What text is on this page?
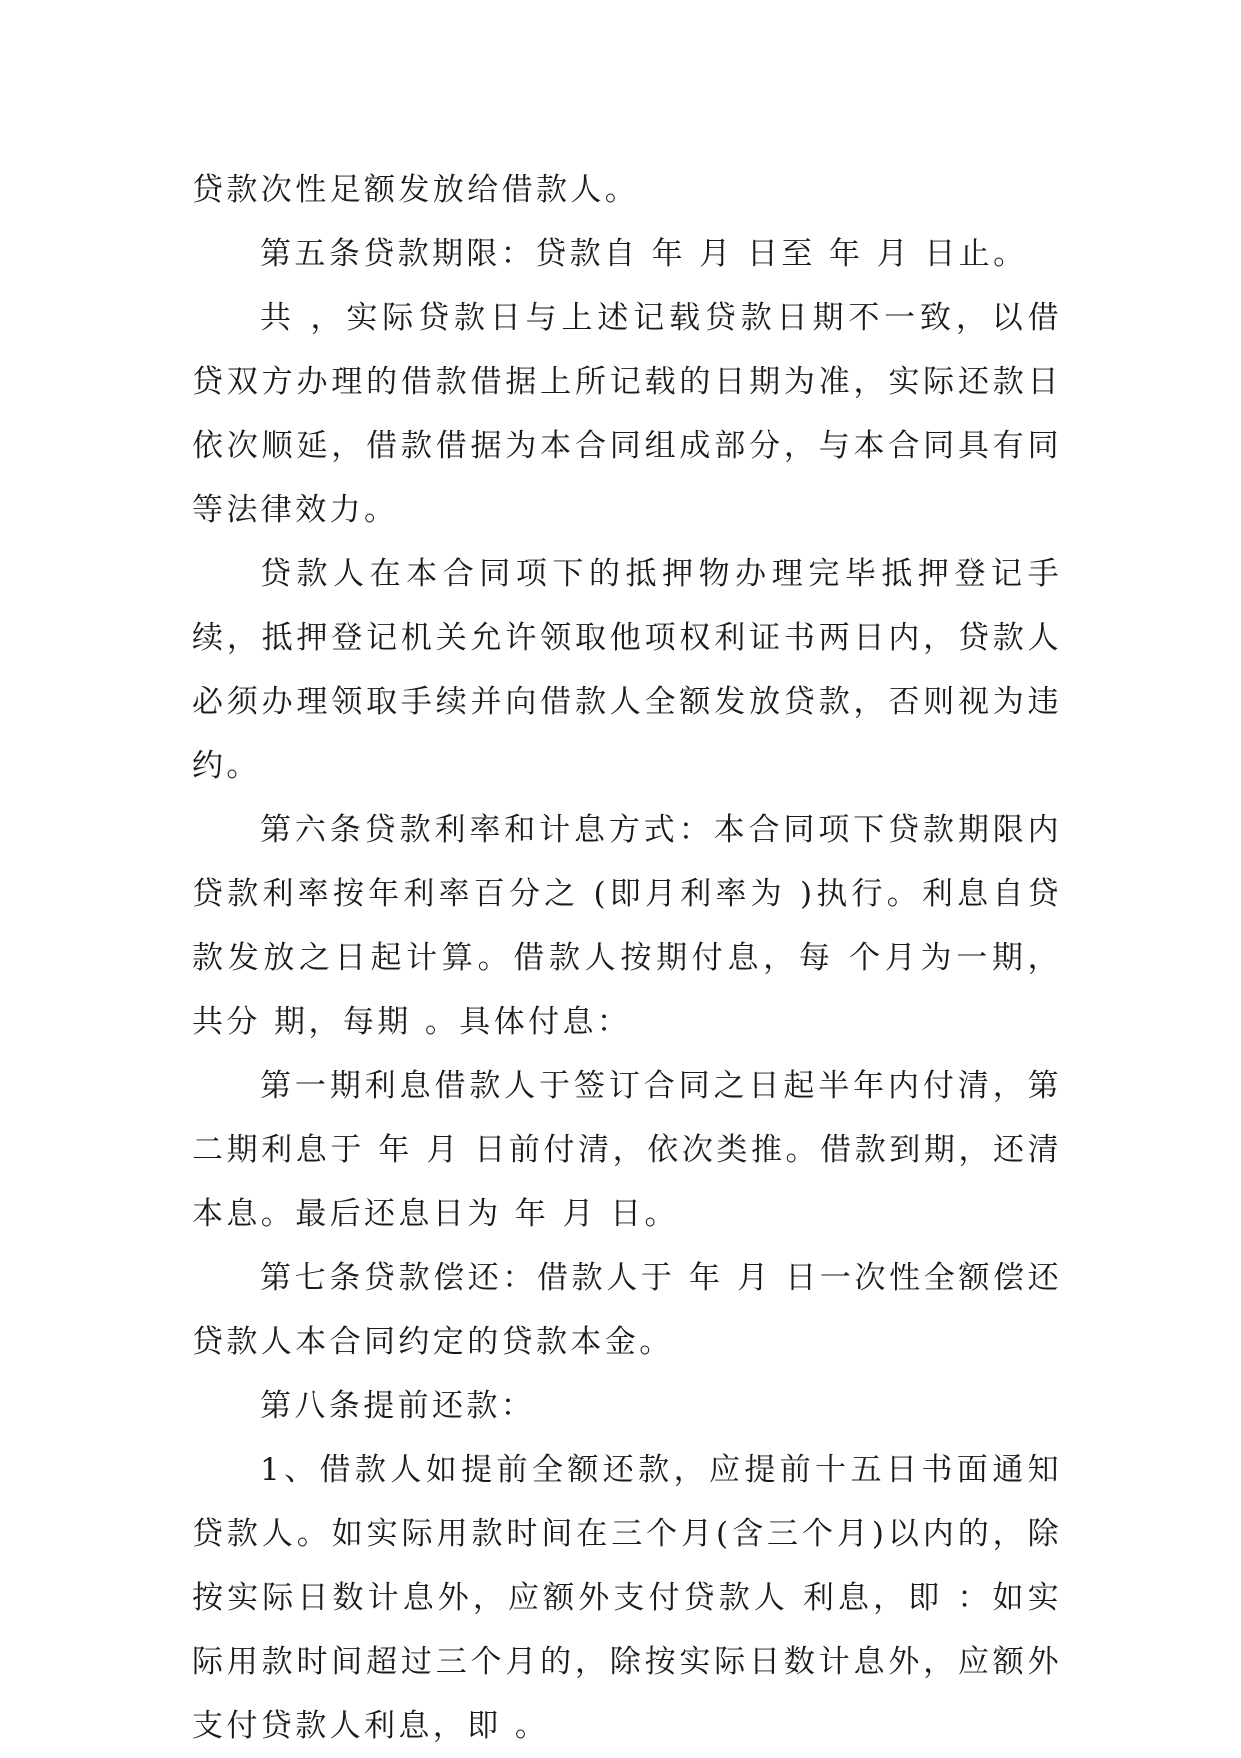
贷款次性足额发放给借款人。

第五条贷款期限：贷款自 年 月 日至 年 月 日止。

共 ，实际贷款日与上述记载贷款日期不一致，以借贷双方办理的借款借据上所记载的日期为准，实际还款日依次顺延，借款借据为本合同组成部分，与本合同具有同等法律效力。

贷款人在本合同项下的抵押物办理完毕抵押登记手续，抵押登记机关允许领取他项权利证书两日内，贷款人必须办理领取手续并向借款人全额发放贷款，否则视为违约。

第六条贷款利率和计息方式：本合同项下贷款期限内贷款利率按年利率百分之 (即月利率为 )执行。利息自贷款发放之日起计算。借款人按期付息，每 个月为一期，共分 期，每期 。具体付息：

第一期利息借款人于签订合同之日起半年内付清，第二期利息于 年 月 日前付清，依次类推。借款到期，还清本息。最后还息日为 年 月 日。

第七条贷款偿还：借款人于 年 月 日一次性全额偿还贷款人本合同约定的贷款本金。

第八条提前还款：

1、借款人如提前全额还款，应提前十五日书面通知贷款人。如实际用款时间在三个月(含三个月)以内的，除按实际日数计息外，应额外支付贷款人 利息，即 ：如实际用款时间超过三个月的，除按实际日数计息外，应额外支付贷款人利息，即 。
